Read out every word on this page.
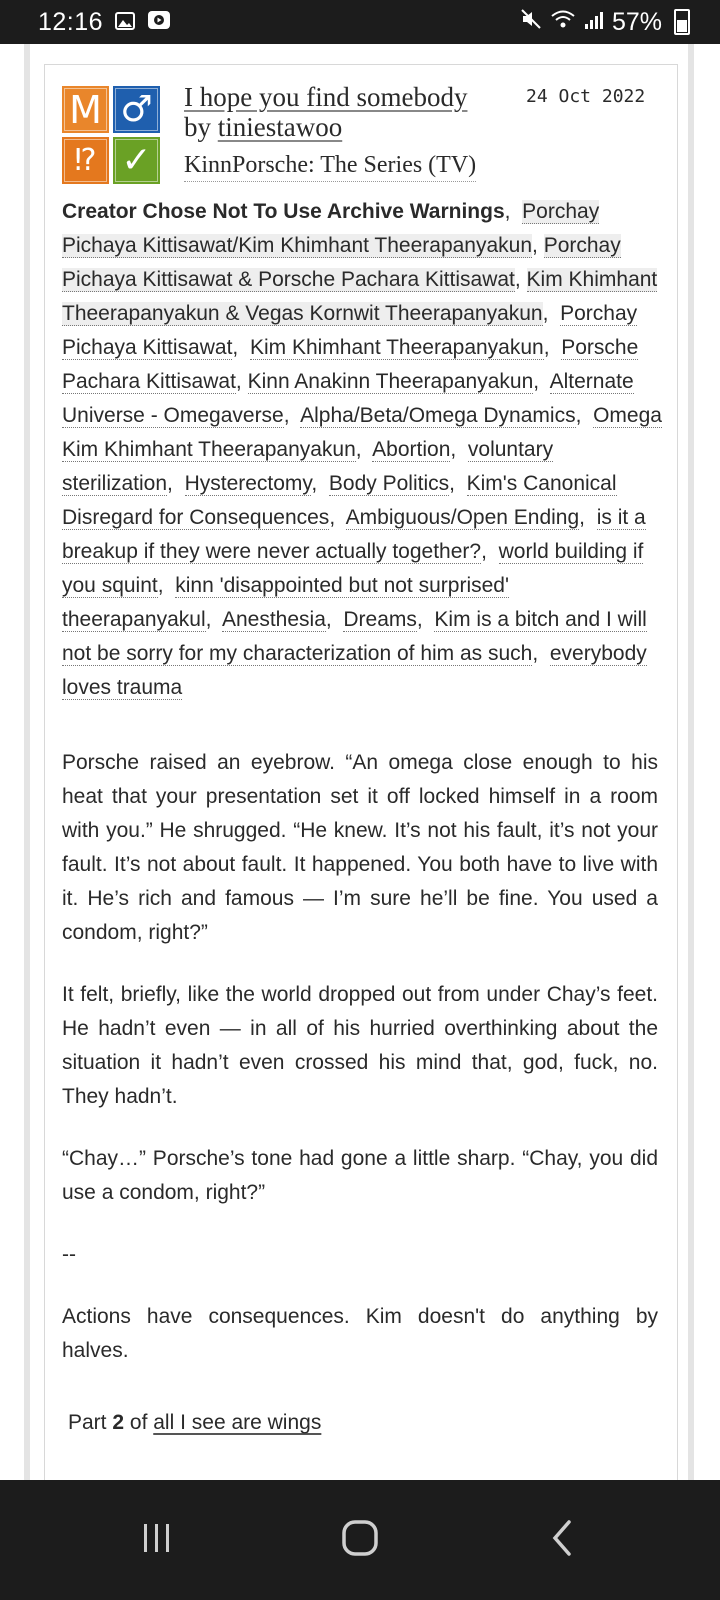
12:16	57%
M ♂
⁉ ✓
I hope you find somebody
by tiniestawoo
KinnPorsche: The Series (TV)
24 Oct 2022
Creator Chose Not To Use Archive Warnings,  Porchay Pichaya Kittisawat/Kim Khimhant Theerapanyakun, Porchay Pichaya Kittisawat & Porsche Pachara Kittisawat, Kim Khimhant Theerapanyakun & Vegas Kornwit Theerapanyakun,  Porchay Pichaya Kittisawat,  Kim Khimhant Theerapanyakun,  Porsche Pachara Kittisawat, Kinn Anakinn Theerapanyakun,  Alternate Universe - Omegaverse,  Alpha/Beta/Omega Dynamics,  Omega Kim Khimhant Theerapanyakun,  Abortion,  voluntary sterilization,  Hysterectomy,  Body Politics,  Kim's Canonical Disregard for Consequences,  Ambiguous/Open Ending,  is it a breakup if they were never actually together?,  world building if you squint,  kinn 'disappointed but not surprised' theerapanyakul,  Anesthesia,  Dreams,  Kim is a bitch and I will not be sorry for my characterization of him as such,  everybody loves trauma

Porsche raised an eyebrow. “An omega close enough to his heat that your presentation set it off locked himself in a room with you.” He shrugged. “He knew. It’s not his fault, it’s not your fault. It’s not about fault. It happened. You both have to live with it. He’s rich and famous — I’m sure he’ll be fine. You used a condom, right?”

It felt, briefly, like the world dropped out from under Chay’s feet. He hadn’t even — in all of his hurried overthinking about the situation it hadn’t even crossed his mind that, god, fuck, no. They hadn’t.

“Chay…” Porsche’s tone had gone a little sharp. “Chay, you did use a condom, right?”

--

Actions have consequences. Kim doesn't do anything by halves.

Part 2 of all I see are wings
